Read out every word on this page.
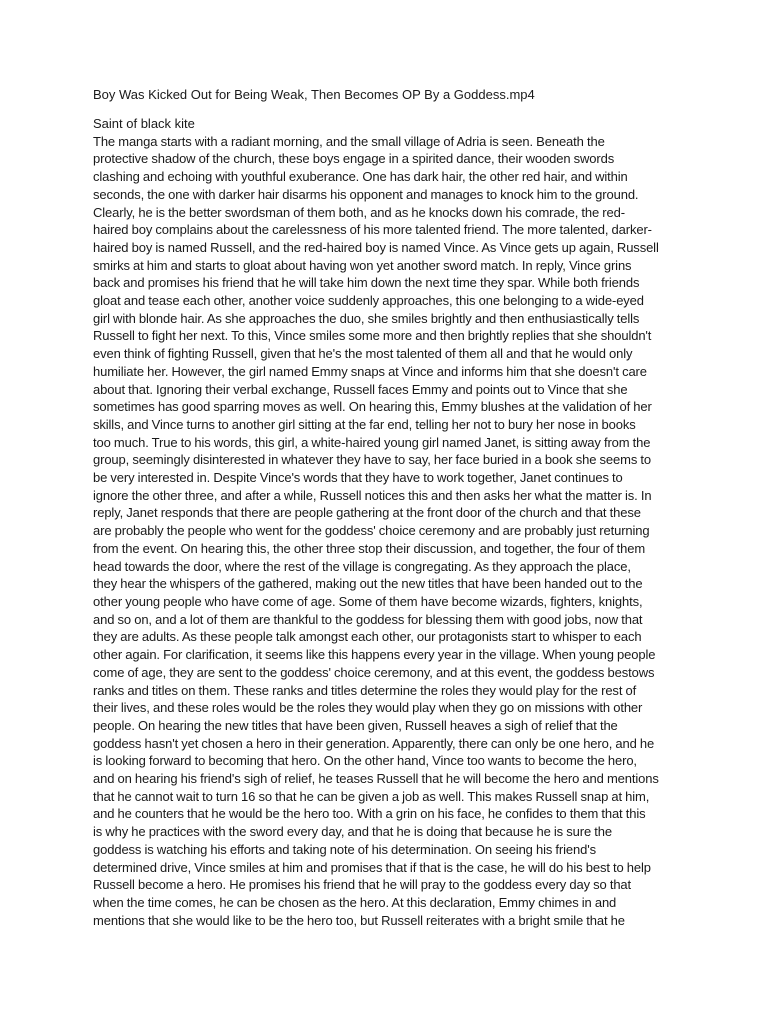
Boy Was Kicked Out for Being Weak, Then Becomes OP By a Goddess.mp4
Saint of black kite
The manga starts with a radiant morning, and the small village of Adria is seen. Beneath the
protective shadow of the church, these boys engage in a spirited dance, their wooden swords
clashing and echoing with youthful exuberance. One has dark hair, the other red hair, and within
seconds, the one with darker hair disarms his opponent and manages to knock him to the ground.
Clearly, he is the better swordsman of them both, and as he knocks down his comrade, the red-
haired boy complains about the carelessness of his more talented friend. The more talented, darker-
haired boy is named Russell, and the red-haired boy is named Vince. As Vince gets up again, Russell
smirks at him and starts to gloat about having won yet another sword match. In reply, Vince grins
back and promises his friend that he will take him down the next time they spar. While both friends
gloat and tease each other, another voice suddenly approaches, this one belonging to a wide-eyed
girl with blonde hair. As she approaches the duo, she smiles brightly and then enthusiastically tells
Russell to fight her next. To this, Vince smiles some more and then brightly replies that she shouldn't
even think of fighting Russell, given that he's the most talented of them all and that he would only
humiliate her. However, the girl named Emmy snaps at Vince and informs him that she doesn't care
about that. Ignoring their verbal exchange, Russell faces Emmy and points out to Vince that she
sometimes has good sparring moves as well. On hearing this, Emmy blushes at the validation of her
skills, and Vince turns to another girl sitting at the far end, telling her not to bury her nose in books
too much. True to his words, this girl, a white-haired young girl named Janet, is sitting away from the
group, seemingly disinterested in whatever they have to say, her face buried in a book she seems to
be very interested in. Despite Vince's words that they have to work together, Janet continues to
ignore the other three, and after a while, Russell notices this and then asks her what the matter is. In
reply, Janet responds that there are people gathering at the front door of the church and that these
are probably the people who went for the goddess' choice ceremony and are probably just returning
from the event. On hearing this, the other three stop their discussion, and together, the four of them
head towards the door, where the rest of the village is congregating. As they approach the place,
they hear the whispers of the gathered, making out the new titles that have been handed out to the
other young people who have come of age. Some of them have become wizards, fighters, knights,
and so on, and a lot of them are thankful to the goddess for blessing them with good jobs, now that
they are adults. As these people talk amongst each other, our protagonists start to whisper to each
other again. For clarification, it seems like this happens every year in the village. When young people
come of age, they are sent to the goddess' choice ceremony, and at this event, the goddess bestows
ranks and titles on them. These ranks and titles determine the roles they would play for the rest of
their lives, and these roles would be the roles they would play when they go on missions with other
people. On hearing the new titles that have been given, Russell heaves a sigh of relief that the
goddess hasn't yet chosen a hero in their generation. Apparently, there can only be one hero, and he
is looking forward to becoming that hero. On the other hand, Vince too wants to become the hero,
and on hearing his friend's sigh of relief, he teases Russell that he will become the hero and mentions
that he cannot wait to turn 16 so that he can be given a job as well. This makes Russell snap at him,
and he counters that he would be the hero too. With a grin on his face, he confides to them that this
is why he practices with the sword every day, and that he is doing that because he is sure the
goddess is watching his efforts and taking note of his determination. On seeing his friend's
determined drive, Vince smiles at him and promises that if that is the case, he will do his best to help
Russell become a hero. He promises his friend that he will pray to the goddess every day so that
when the time comes, he can be chosen as the hero. At this declaration, Emmy chimes in and
mentions that she would like to be the hero too, but Russell reiterates with a bright smile that he
